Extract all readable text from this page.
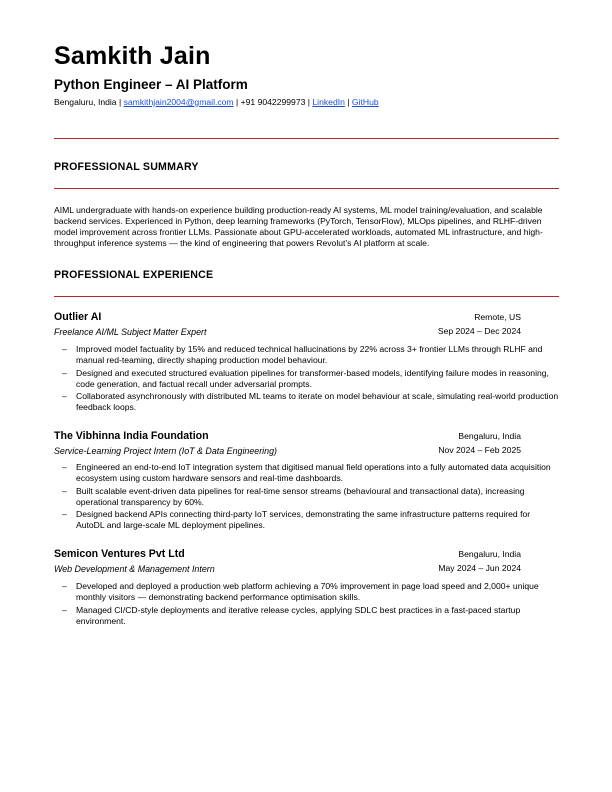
Samkith Jain
Python Engineer – AI Platform
Bengaluru, India | samkithjain2004@gmail.com | +91 9042299973 | LinkedIn | GitHub
PROFESSIONAL SUMMARY

AIML undergraduate with hands-on experience building production-ready AI systems, ML model training/evaluation, and scalable backend services. Experienced in Python, deep learning frameworks (PyTorch, TensorFlow), MLOps pipelines, and RLHF-driven model improvement across frontier LLMs. Passionate about GPU-accelerated workloads, automated ML infrastructure, and high-throughput inference systems — the kind of engineering that powers Revolut’s AI platform at scale.

PROFESSIONAL EXPERIENCE
Outlier AI	Remote, US
Freelance AI/ML Subject Matter Expert	Sep 2024 – Dec 2024
– Improved model factuality by 15% and reduced technical hallucinations by 22% across 3+ frontier LLMs through RLHF and manual red-teaming, directly shaping production model behaviour.
– Designed and executed structured evaluation pipelines for transformer-based models, identifying failure modes in reasoning, code generation, and factual recall under adversarial prompts.
– Collaborated asynchronously with distributed ML teams to iterate on model behaviour at scale, simulating real-world production feedback loops.
The Vibhinna India Foundation	Bengaluru, India
Service-Learning Project Intern (IoT & Data Engineering)	Nov 2024 – Feb 2025
– Engineered an end-to-end IoT integration system that digitised manual field operations into a fully automated data acquisition ecosystem using custom hardware sensors and real-time dashboards.
– Built scalable event-driven data pipelines for real-time sensor streams (behavioural and transactional data), increasing operational transparency by 60%.
– Designed backend APIs connecting third-party IoT services, demonstrating the same infrastructure patterns required for AutoDL and large-scale ML deployment pipelines.
Semicon Ventures Pvt Ltd	Bengaluru, India
Web Development & Management Intern	May 2024 – Jun 2024
– Developed and deployed a production web platform achieving a 70% improvement in page load speed and 2,000+ unique monthly visitors — demonstrating backend performance optimisation skills.
– Managed CI/CD-style deployments and iterative release cycles, applying SDLC best practices in a fast-paced startup environment.
